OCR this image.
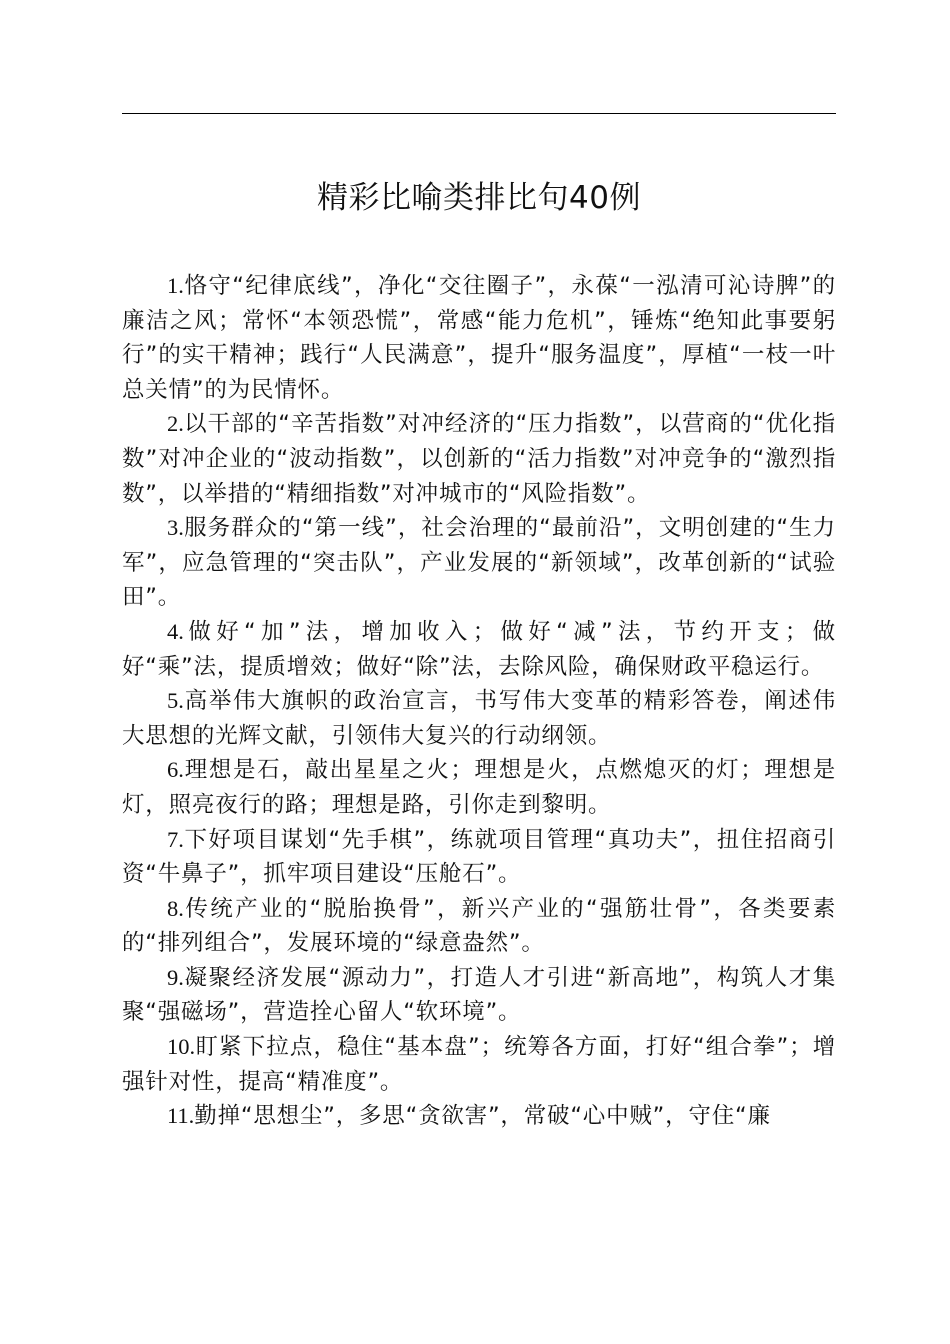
精彩比喻类排比句40例

1.恪守“纪律底线”，净化“交往圈子”，永葆“一泓清可沁诗脾”的廉洁之风；常怀“本领恐慌”，常感“能力危机”，锤炼“绝知此事要躬行”的实干精神；践行“人民满意”，提升“服务温度”，厚植“一枝一叶总关情”的为民情怀。

2.以干部的“辛苦指数”对冲经济的“压力指数”，以营商的“优化指数”对冲企业的“波动指数”，以创新的“活力指数”对冲竞争的“激烈指数”，以举措的“精细指数”对冲城市的“风险指数”。

3.服务群众的“第一线”，社会治理的“最前沿”，文明创建的“生力军”，应急管理的“突击队”，产业发展的“新领域”，改革创新的“试验田”。

4.做好“加”法，增加收入；做好“减”法，节约开支；做好“乘”法，提质增效；做好“除”法，去除风险，确保财政平稳运行。

5.高举伟大旗帜的政治宣言，书写伟大变革的精彩答卷，阐述伟大思想的光辉文献，引领伟大复兴的行动纲领。

6.理想是石，敲出星星之火；理想是火，点燃熄灭的灯；理想是灯，照亮夜行的路；理想是路，引你走到黎明。

7.下好项目谋划“先手棋”，练就项目管理“真功夫”，扭住招商引资“牛鼻子”，抓牢项目建设“压舱石”。

8.传统产业的“脱胎换骨”，新兴产业的“强筋壮骨”，各类要素的“排列组合”，发展环境的“绿意盎然”。

9.凝聚经济发展“源动力”，打造人才引进“新高地”，构筑人才集聚“强磁场”，营造拴心留人“软环境”。

10.盯紧下拉点，稳住“基本盘”；统筹各方面，打好“组合拳”；增强针对性，提高“精准度”。

11.勤掸“思想尘”，多思“贪欲害”，常破“心中贼”，守住“廉
